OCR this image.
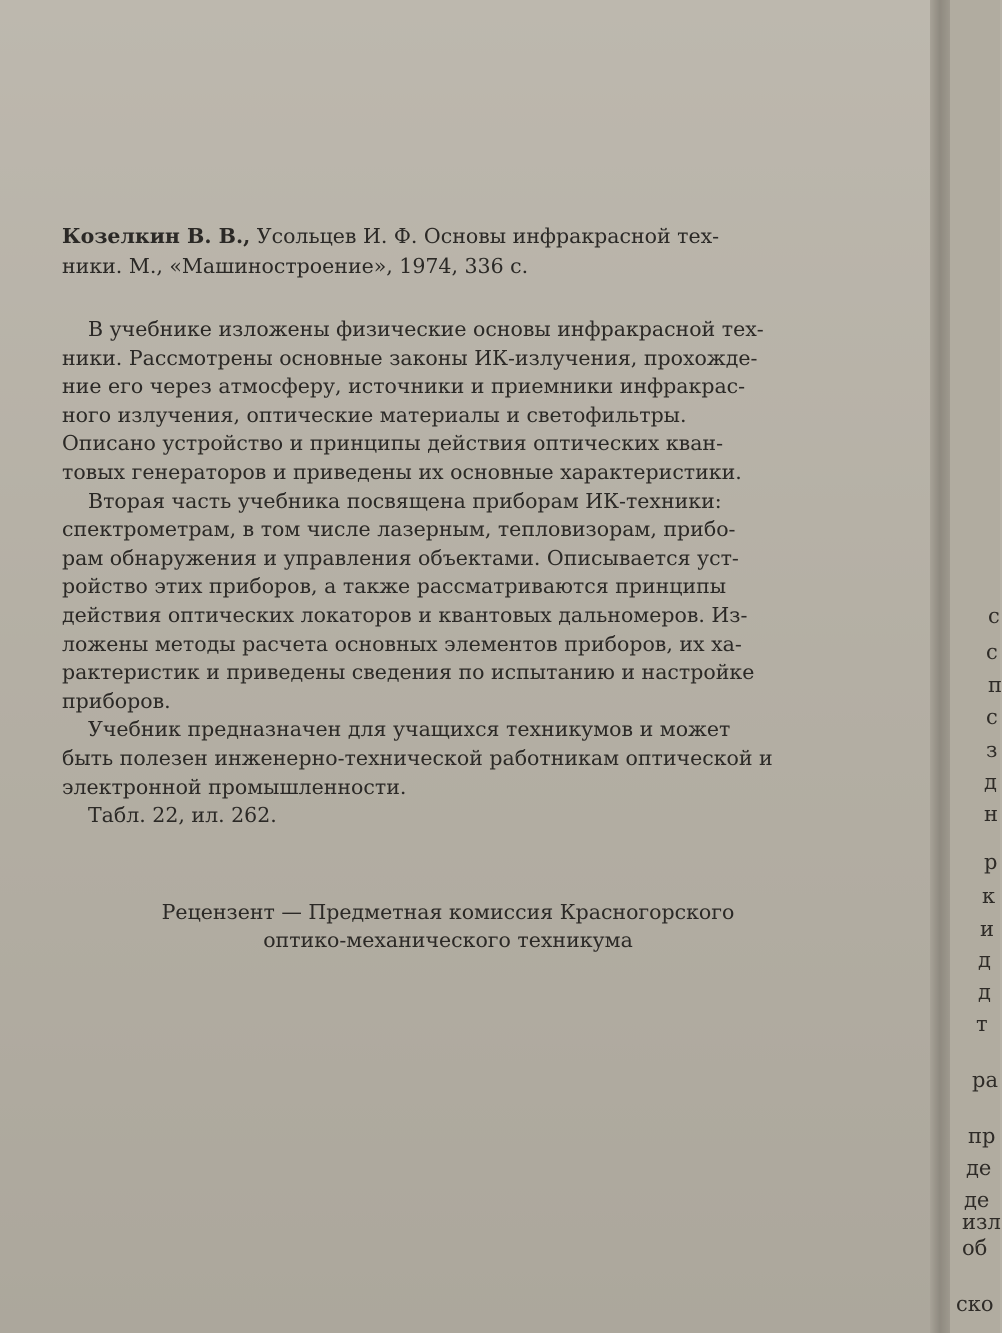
Козелкин В. В., Усольцев И. Ф. Основы инфракрасной тех-
ники. М., «Машиностроение», 1974, 336 с.
В учебнике изложены физические основы инфракрасной тех-
ники. Рассмотрены основные законы ИК-излучения, прохожде-
ние его через атмосферу, источники и приемники инфракрас-
ного излучения, оптические материалы и светофильтры.
Описано устройство и принципы действия оптических кван-
товых генераторов и приведены их основные характеристики.
Вторая часть учебника посвящена приборам ИК-техники:
спектрометрам, в том числе лазерным, тепловизорам, прибо-
рам обнаружения и управления объектами. Описывается уст-
ройство этих приборов, а также рассматриваются принципы
действия оптических локаторов и квантовых дальномеров. Из-
ложены методы расчета основных элементов приборов, их ха-
рактеристик и приведены сведения по испытанию и настройке
приборов.
Учебник предназначен для учащихся техникумов и может
быть полезен инженерно-технической работникам оптической и
электронной промышленности.
Табл. 22, ил. 262.
Рецензент — Предметная комиссия Красногорского
оптико-механического техникума
с
с
п
с
з
д
н
р
к
и
д
д
т
ра
пр
де
де
изл
об
ско
